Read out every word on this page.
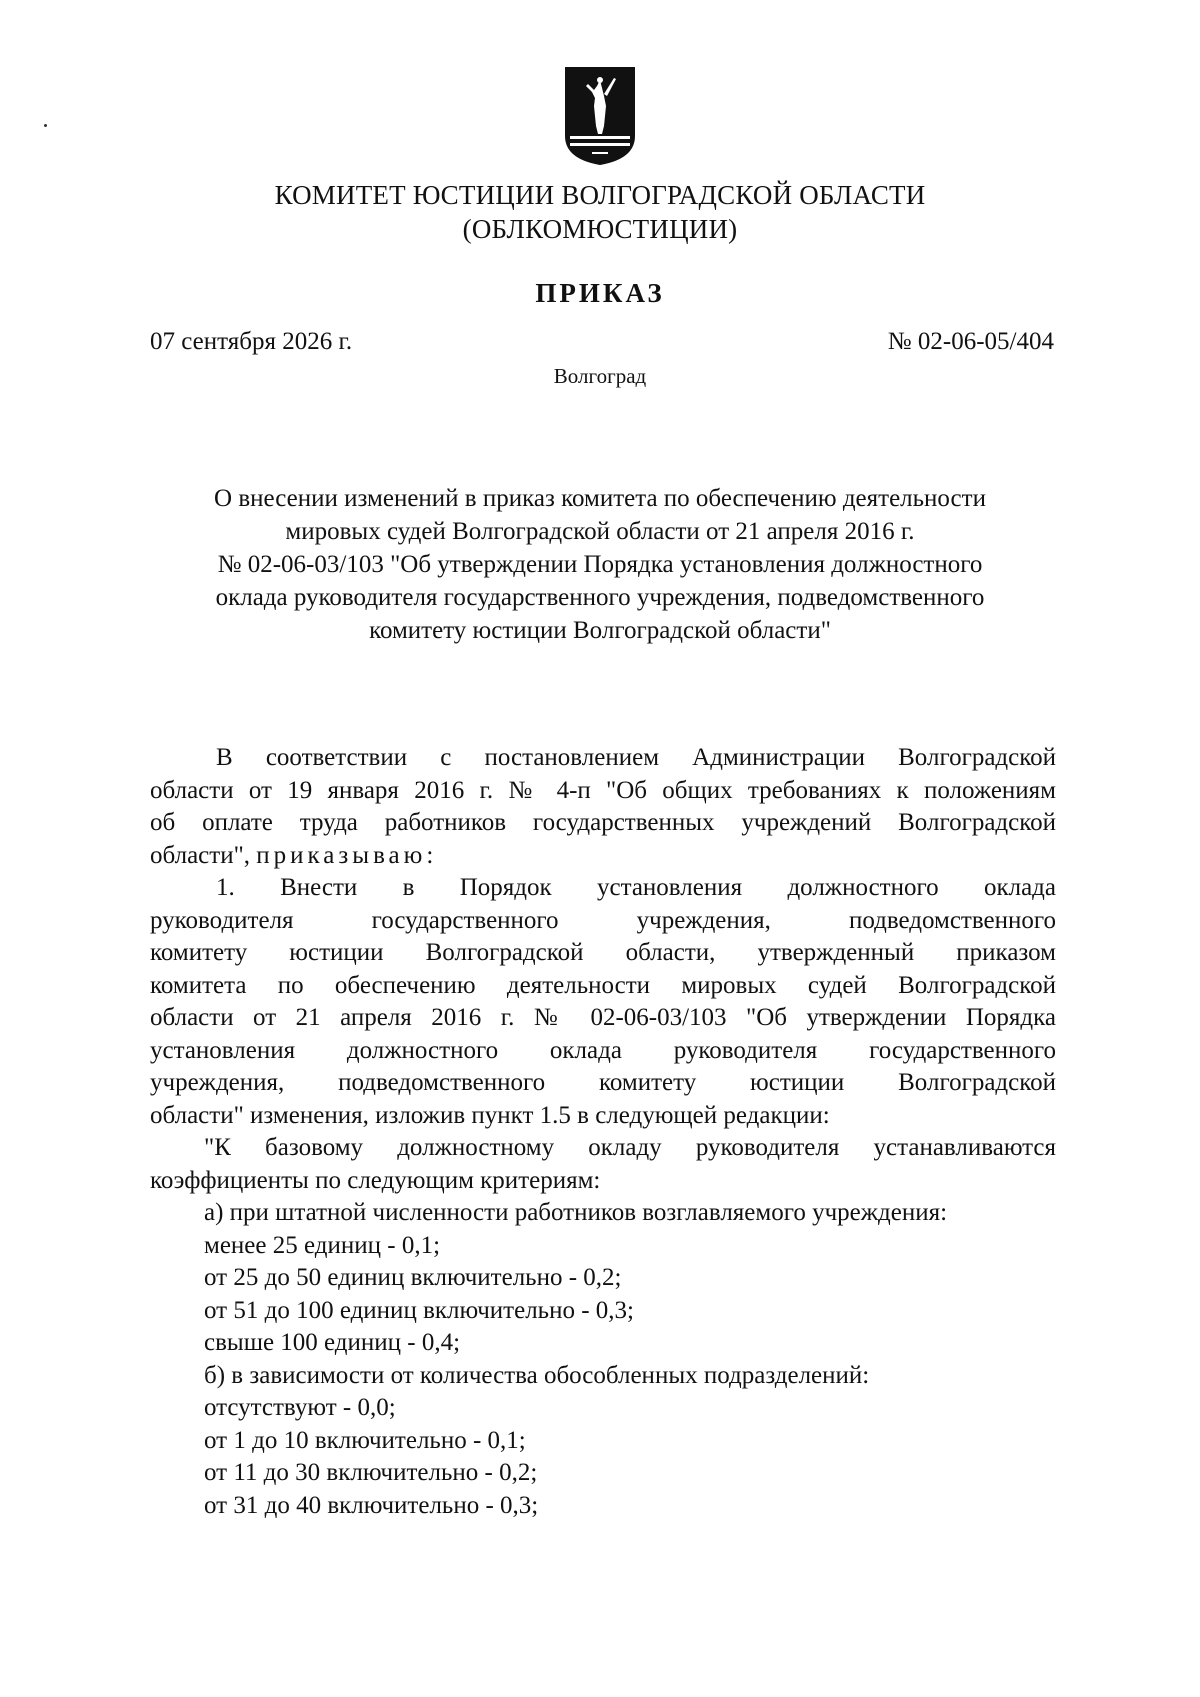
КОМИТЕТ ЮСТИЦИИ ВОЛГОГРАДСКОЙ ОБЛАСТИ
(ОБЛКОМЮСТИЦИИ)
ПРИКАЗ
07 сентября 2026 г.	№ 02-06-05/404
Волгоград
О внесении изменений в приказ комитета по обеспечению деятельности
мировых судей Волгоградской области от 21 апреля 2016 г.
№ 02-06-03/103 "Об утверждении Порядка установления должностного
оклада руководителя государственного учреждения, подведомственного
комитету юстиции Волгоградской области"
В соответствии с постановлением Администрации Волгоградской
области от 19 января 2016 г. № 4-п "Об общих требованиях к положениям
об оплате труда работников государственных учреждений Волгоградской
области", приказываю:
1. Внести в Порядок установления должностного оклада
руководителя государственного учреждения, подведомственного
комитету юстиции Волгоградской области, утвержденный приказом
комитета по обеспечению деятельности мировых судей Волгоградской
области от 21 апреля 2016 г. № 02-06-03/103 "Об утверждении Порядка
установления должностного оклада руководителя государственного
учреждения, подведомственного комитету юстиции Волгоградской
области" изменения, изложив пункт 1.5 в следующей редакции:
"К базовому должностному окладу руководителя устанавливаются
коэффициенты по следующим критериям:
а) при штатной численности работников возглавляемого учреждения:
менее 25 единиц - 0,1;
от 25 до 50 единиц включительно - 0,2;
от 51 до 100 единиц включительно - 0,3;
свыше 100 единиц - 0,4;
б) в зависимости от количества обособленных подразделений:
отсутствуют - 0,0;
от 1 до 10 включительно - 0,1;
от 11 до 30 включительно - 0,2;
от 31 до 40 включительно - 0,3;
